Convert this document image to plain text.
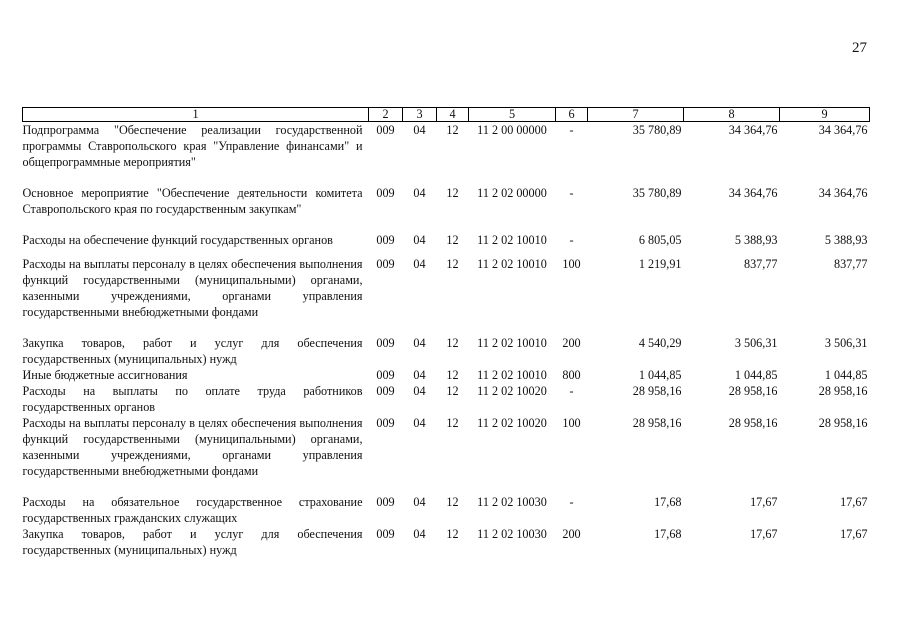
27
1	2	3	4	5	6	7	8	9
Подпрограмма "Обеспечение реализации государственной программы Ставропольского края "Управление финансами" и общепрограммные мероприятия"	009	04	12	11 2 00 00000	-	35 780,89	34 364,76	34 364,76

Основное мероприятие "Обеспечение деятельности комитета Ставропольского края по государственным закупкам"	009	04	12	11 2 02 00000	-	35 780,89	34 364,76	34 364,76

Расходы на обеспечение функций государственных органов	009	04	12	11 2 02 10010	-	6 805,05	5 388,93	5 388,93

Расходы на выплаты персоналу в целях обеспечения выполнения функций государственными (муниципальными) органами, казенными учреждениями, органами управления государственными внебюджетными фондами	009	04	12	11 2 02 10010	100	1 219,91	837,77	837,77

Закупка товаров, работ и услуг для обеспечения государственных (муниципальных) нужд	009	04	12	11 2 02 10010	200	4 540,29	3 506,31	3 506,31
Иные бюджетные ассигнования	009	04	12	11 2 02 10010	800	1 044,85	1 044,85	1 044,85
Расходы на выплаты по оплате труда работников государственных органов	009	04	12	11 2 02 10020	-	28 958,16	28 958,16	28 958,16
Расходы на выплаты персоналу в целях обеспечения выполнения функций государственными (муниципальными) органами, казенными учреждениями, органами управления государственными внебюджетными фондами	009	04	12	11 2 02 10020	100	28 958,16	28 958,16	28 958,16

Расходы на обязательное государственное страхование государственных гражданских служащих	009	04	12	11 2 02 10030	-	17,68	17,67	17,67
Закупка товаров, работ и услуг для обеспечения государственных (муниципальных) нужд	009	04	12	11 2 02 10030	200	17,68	17,67	17,67
